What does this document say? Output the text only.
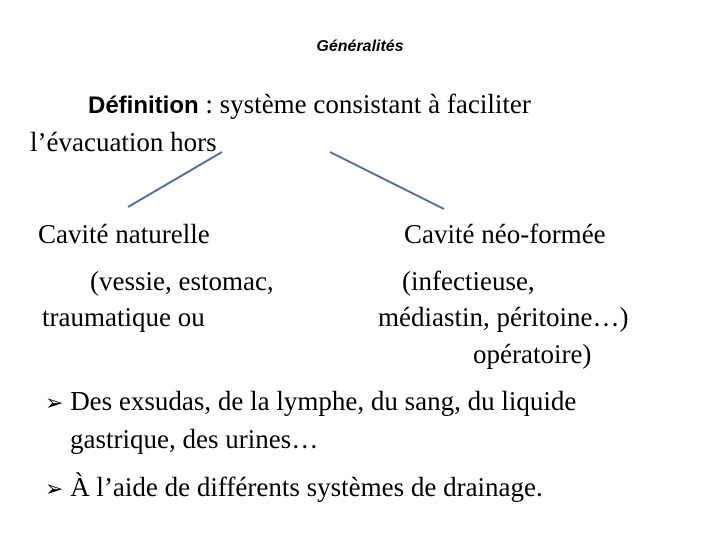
Généralités
Définition : système consistant à faciliter
l’évacuation hors
Cavité naturelle
(vessie, estomac,
traumatique ou
Cavité néo-formée
(infectieuse,
médiastin, péritoine…)
opératoire)
➢ Des exsudas, de la lymphe, du sang, du liquide
gastrique, des urines…
➢ À l’aide de différents systèmes de drainage.
